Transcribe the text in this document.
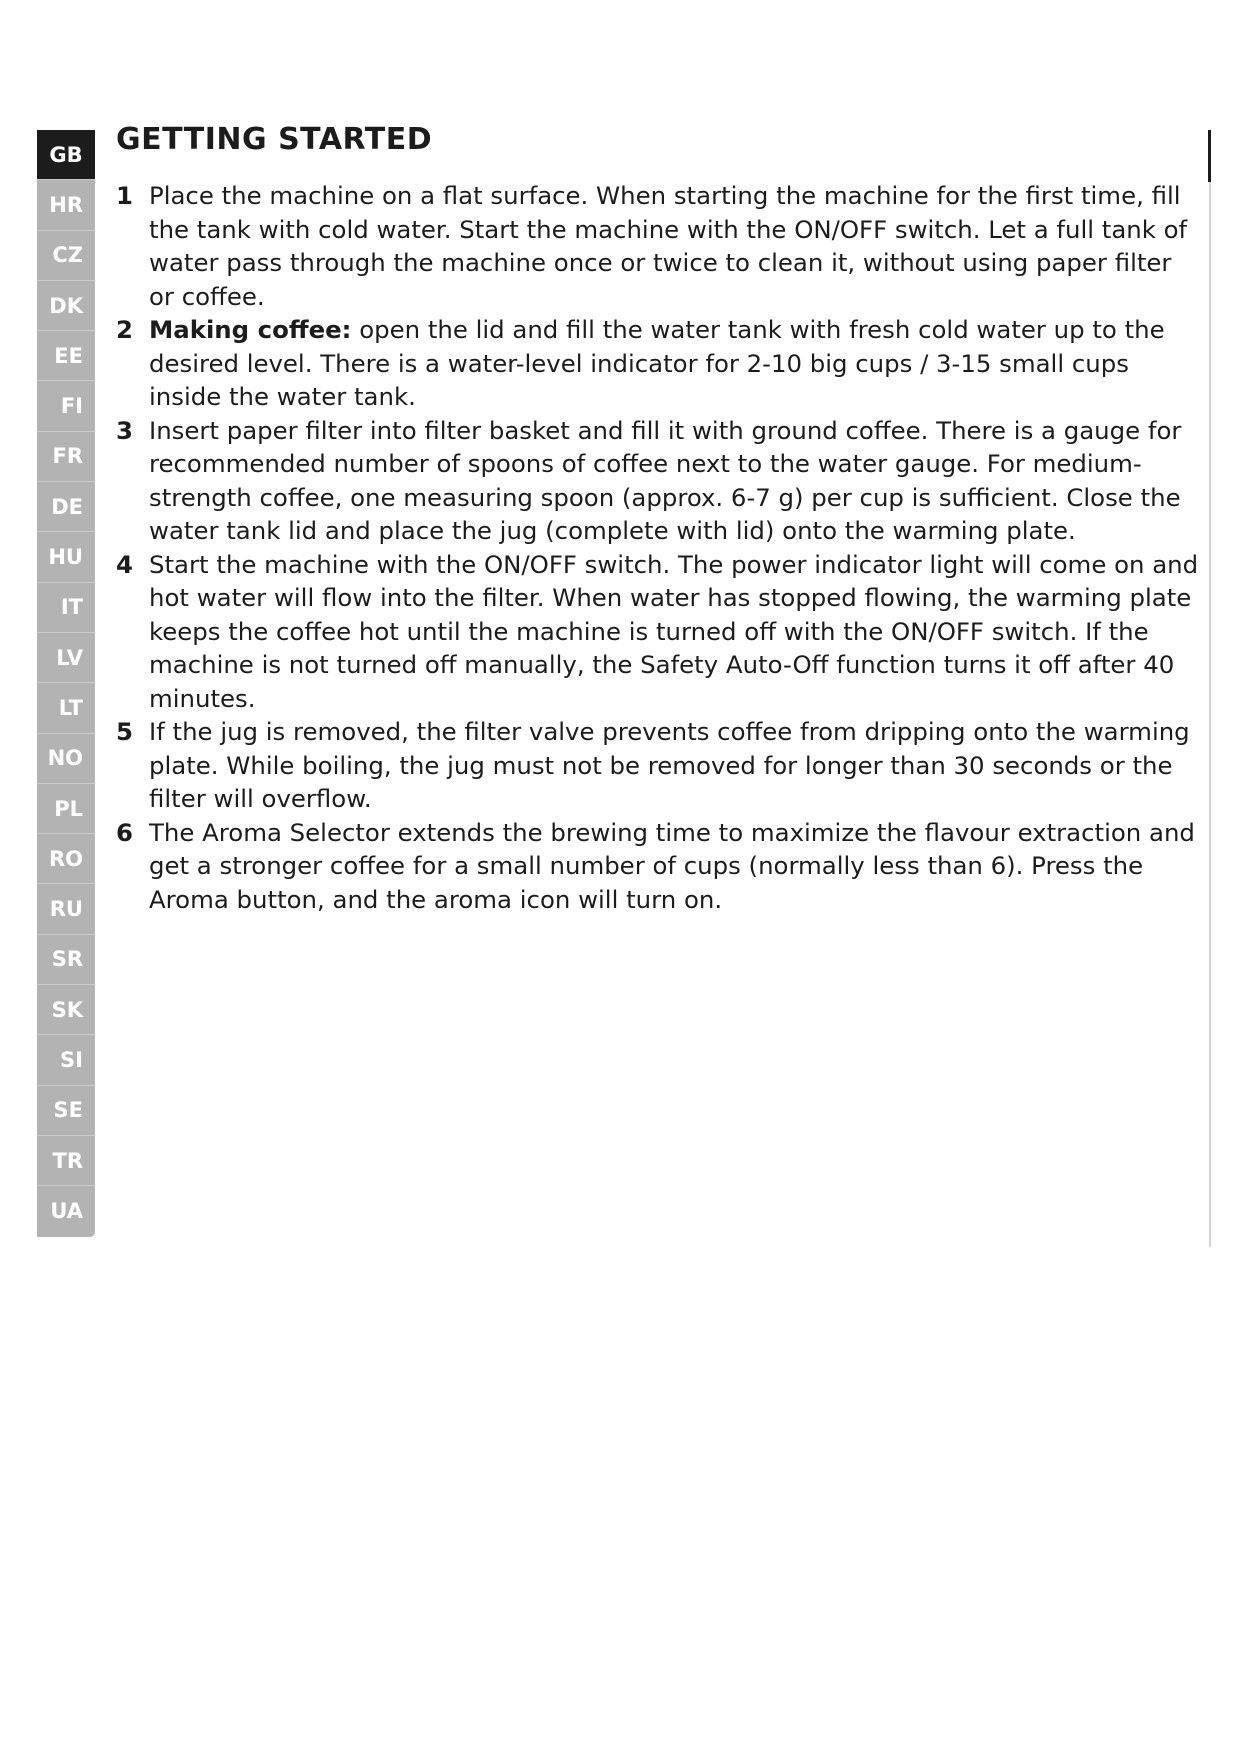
GB
HR
CZ
DK
EE
FI
FR
DE
HU
IT
LV
LT
NO
PL
RO
RU
SR
SK
SI
SE
TR
UA
GETTING STARTED
1 Place the machine on a flat surface. When starting the machine for the first time, fill the tank with cold water. Start the machine with the ON/OFF switch. Let a full tank of water pass through the machine once or twice to clean it, without using paper filter or coffee.
2 Making coffee: open the lid and fill the water tank with fresh cold water up to the desired level. There is a water-level indicator for 2-10 big cups / 3-15 small cups inside the water tank.
3 Insert paper filter into filter basket and fill it with ground coffee. There is a gauge for recommended number of spoons of coffee next to the water gauge. For medium-strength coffee, one measuring spoon (approx. 6-7 g) per cup is sufficient. Close the water tank lid and place the jug (complete with lid) onto the warming plate.
4 Start the machine with the ON/OFF switch. The power indicator light will come on and hot water will flow into the filter. When water has stopped flowing, the warming plate keeps the coffee hot until the machine is turned off with the ON/OFF switch. If the machine is not turned off manually, the Safety Auto-Off function turns it off after 40 minutes.
5 If the jug is removed, the filter valve prevents coffee from dripping onto the warming plate. While boiling, the jug must not be removed for longer than 30 seconds or the filter will overflow.
6 The Aroma Selector extends the brewing time to maximize the flavour extraction and get a stronger coffee for a small number of cups (normally less than 6). Press the Aroma button, and the aroma icon will turn on.
